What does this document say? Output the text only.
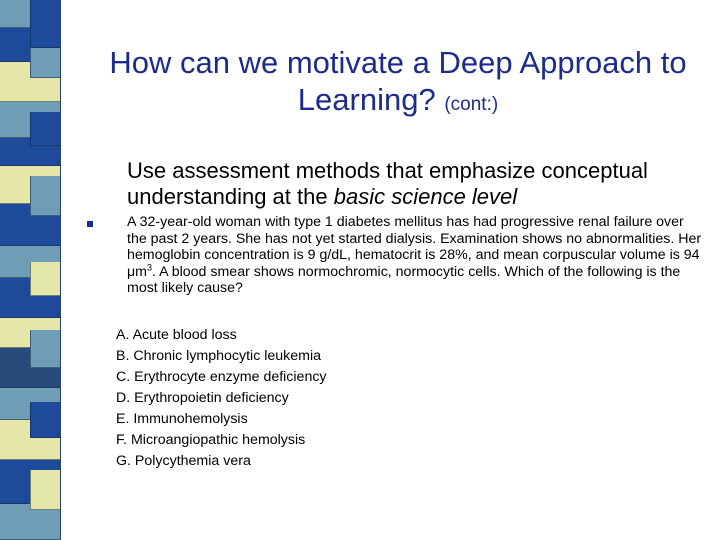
How can we motivate a Deep Approach to Learning? (cont:)

Use assessment methods that emphasize conceptual understanding at the basic science level

A 32-year-old woman with type 1 diabetes mellitus has had progressive renal failure over the past 2 years. She has not yet started dialysis. Examination shows no abnormalities. Her hemoglobin concentration is 9 g/dL, hematocrit is 28%, and mean corpuscular volume is 94 $\mu m^3$. A blood smear shows normochromic, normocytic cells. Which of the following is the most likely cause?

A. Acute blood loss
B. Chronic lymphocytic leukemia
C. Erythrocyte enzyme deficiency
D. Erythropoietin deficiency
E. Immunohemolysis
F. Microangiopathic hemolysis
G. Polycythemia vera
